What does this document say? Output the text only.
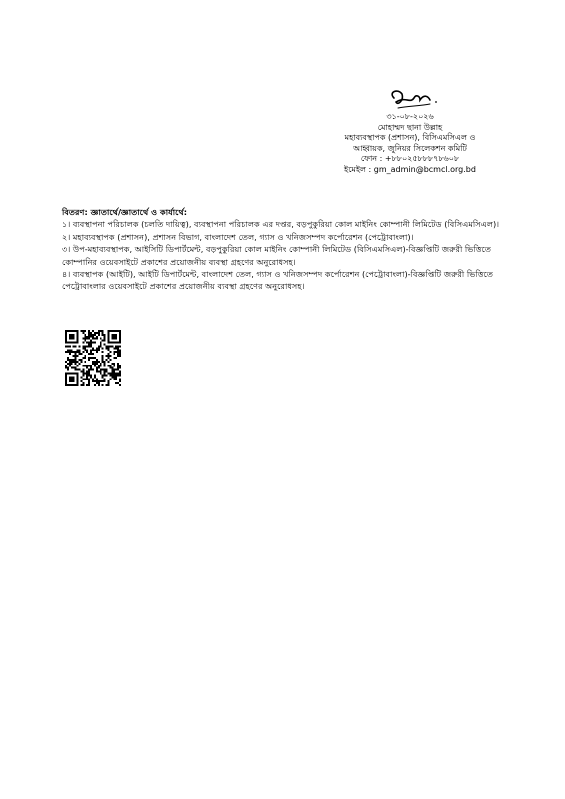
৩১-০৮-২০২৬
মোহাম্মদ ছানা উল্লাহ
মহাব্যবস্থাপক (প্রশাসন), বিসিএমসিএল ও
আহ্বায়ক, জুনিয়র সিলেকশন কমিটি
ফোন : +৮৮০২৫৮৮৮৭৮৬০৮
ইমেইল : gm_admin@bcmcl.org.bd
বিতরণ: জ্ঞাতার্থে/জ্ঞাতার্থে ও কার্যার্থে:

১। ব্যবস্থাপনা পরিচালক (চলতি দায়িত্ব), ব্যবস্থাপনা পরিচালক এর দপ্তর, বড়পুকুরিয়া কোল মাইনিং কোম্পানী লিমিটেড (বিসিএমসিএল)।

২। মহাব্যবস্থাপক (প্রশাসন), প্রশাসন বিভাগ, বাংলাদেশ তেল, গ্যাস ও খনিজসম্পদ কর্পোরেশন (পেট্রোবাংলা)।

৩। উপ-মহাব্যবস্থাপক, আইসিটি ডিপার্টমেন্ট, বড়পুকুরিয়া কোল মাইনিং কোম্পানী লিমিটেড (বিসিএমসিএল)-বিজ্ঞপ্তিটি জরুরী ভিত্তিতে কোম্পানির ওয়েবসাইটে প্রকাশের প্রয়োজনীয় ব্যবস্থা গ্রহণের অনুরোধসহ।

৪। ব্যবস্থাপক (আইটি), আইটি ডিপার্টমেন্ট, বাংলাদেশ তেল, গ্যাস ও খনিজসম্পদ কর্পোরেশন (পেট্রোবাংলা)-বিজ্ঞপ্তিটি জরুরী ভিত্তিতে পেট্রোবাংলার ওয়েবসাইটে প্রকাশের প্রয়োজনীয় ব্যবস্থা গ্রহণের অনুরোধসহ।
